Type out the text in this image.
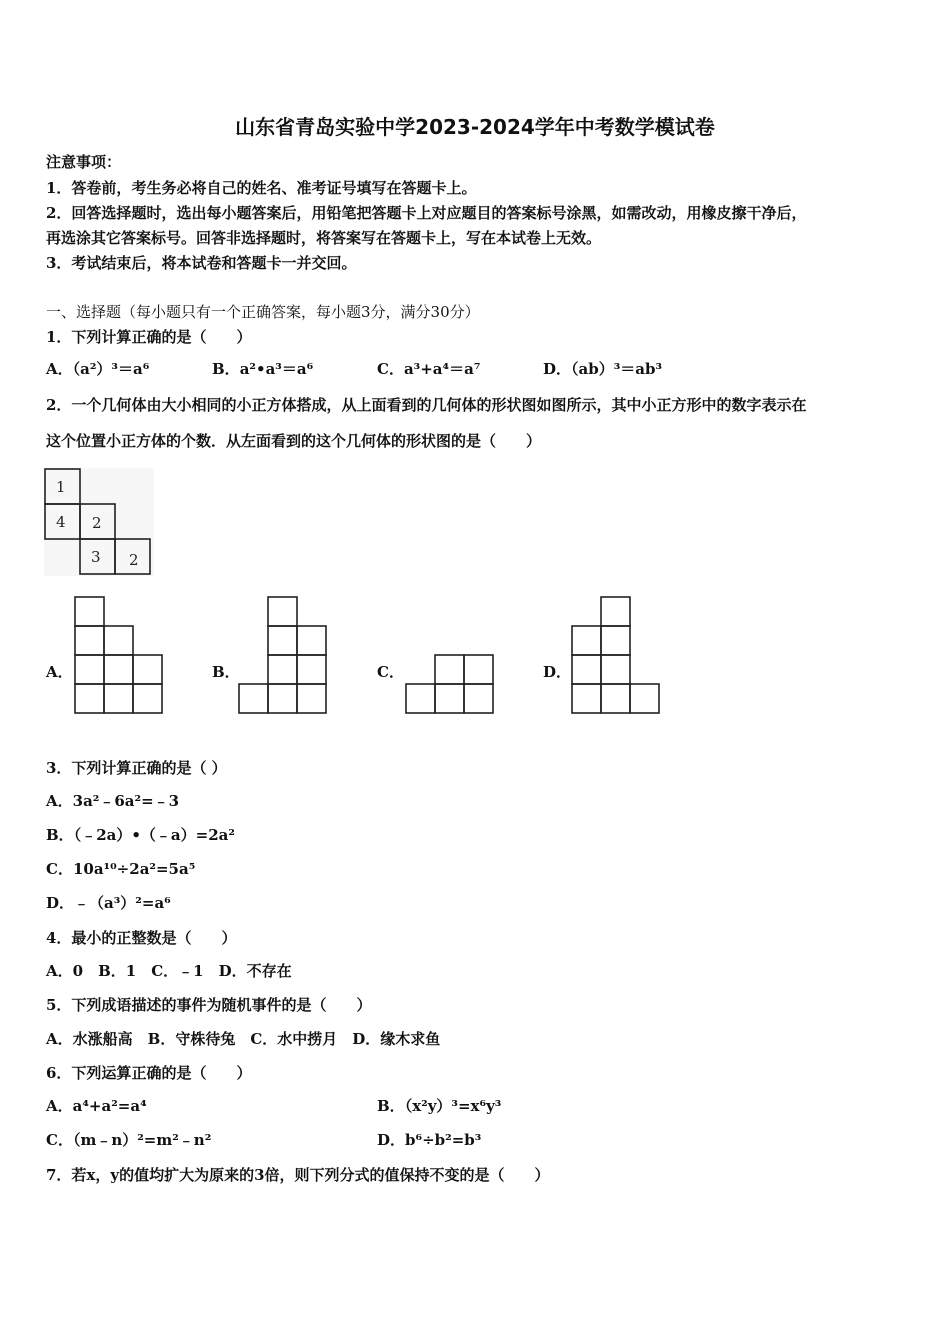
山东省青岛实验中学2023-2024学年中考数学模试卷
注意事项：
1．答卷前，考生务必将自己的姓名、准考证号填写在答题卡上。
2．回答选择题时，选出每小题答案后，用铅笔把答题卡上对应题目的答案标号涂黑，如需改动，用橡皮擦干净后，
再选涂其它答案标号。回答非选择题时，将答案写在答题卡上，写在本试卷上无效。
3．考试结束后，将本试卷和答题卡一并交回。
一、选择题（每小题只有一个正确答案，每小题3分，满分30分）
1．下列计算正确的是（　　）
A．（a²）³＝a⁶	B．a²•a³＝a⁶	C．a³+a⁴＝a⁷	D．（ab）³＝ab³
2．一个几何体由大小相同的小正方体搭成，从上面看到的几何体的形状图如图所示，其中小正方形中的数字表示在
这个位置小正方体的个数．从左面看到的这个几何体的形状图的是（　　）
1
4 2
3 2
A．	B．	C．	D．
3．下列计算正确的是（ ）
A．3a²﹣6a²=﹣3
B．（﹣2a）•（﹣a）=2a²
C．10a¹⁰÷2a²=5a⁵
D．﹣（a³）²=a⁶
4．最小的正整数是（　　）
A．0　B．1　C．﹣1　D．不存在
5．下列成语描述的事件为随机事件的是（　　）
A．水涨船高　B．守株待兔　C．水中捞月　D．缘木求鱼
6．下列运算正确的是（　　）
A．a⁴+a²=a⁴	B．（x²y）³=x⁶y³
C．（m﹣n）²=m²﹣n²	D．b⁶÷b²=b³
7．若x，y的值均扩大为原来的3倍，则下列分式的值保持不变的是（　　）
